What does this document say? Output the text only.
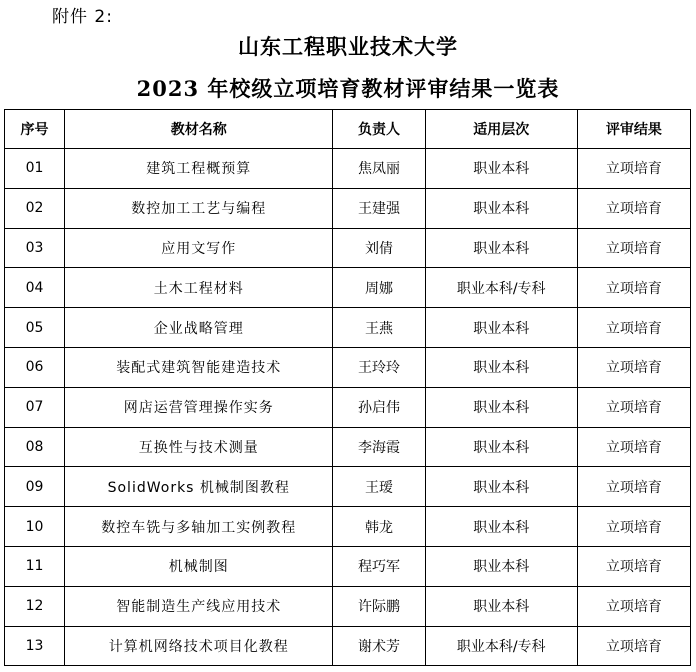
附件 2:
山东工程职业技术大学
2023 年校级立项培育教材评审结果一览表
序号	教材名称	负责人	适用层次	评审结果
01	建筑工程概预算	焦凤丽	职业本科	立项培育
02	数控加工工艺与编程	王建强	职业本科	立项培育
03	应用文写作	刘倩	职业本科	立项培育
04	土木工程材料	周娜	职业本科/专科	立项培育
05	企业战略管理	王燕	职业本科	立项培育
06	装配式建筑智能建造技术	王玲玲	职业本科	立项培育
07	网店运营管理操作实务	孙启伟	职业本科	立项培育
08	互换性与技术测量	李海霞	职业本科	立项培育
09	SolidWorks 机械制图教程	王瑷	职业本科	立项培育
10	数控车铣与多轴加工实例教程	韩龙	职业本科	立项培育
11	机械制图	程巧军	职业本科	立项培育
12	智能制造生产线应用技术	许际鹏	职业本科	立项培育
13	计算机网络技术项目化教程	谢术芳	职业本科/专科	立项培育
